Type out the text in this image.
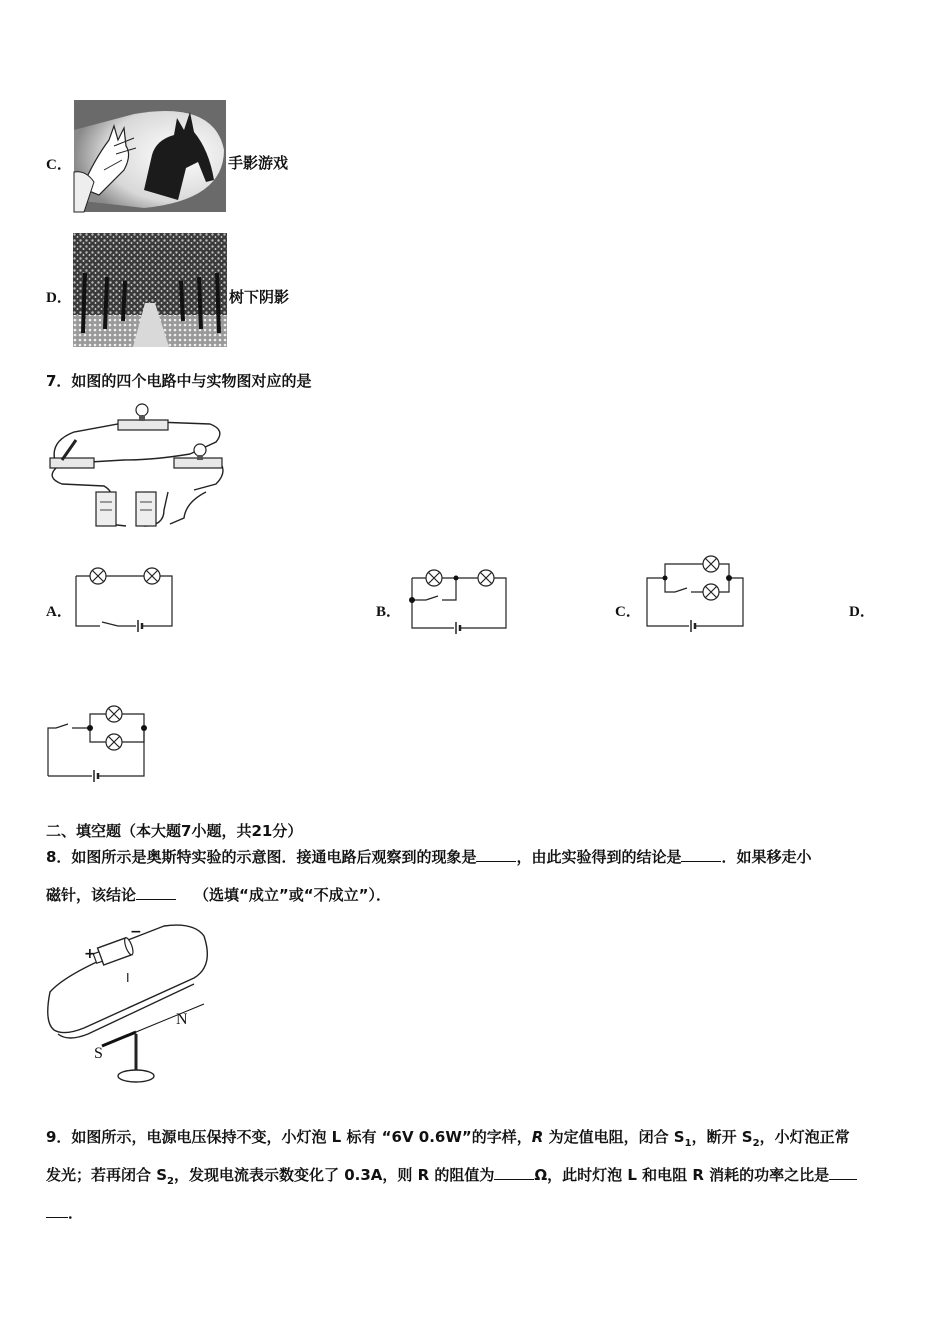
C．	手影游戏
D．	树下阴影
7．如图的四个电路中与实物图对应的是
A．	B．	C．	D．
二、填空题（本大题7小题，共21分）
8．如图所示是奥斯特实验的示意图．接通电路后观察到的现象是	，由此实验得到的结论是	．如果移走小
磁针，该结论	（选填“成立”或“不成立”）．
+
−
I
N
S
9．如图所示，电源电压保持不变，小灯泡 L 标有 “6V 0.6W”的字样，R 为定值电阻，闭合 $S_1$，断开 $S_2$，小灯泡正常
发光；若再闭合 $S_2$，发现电流表示数变化了 0.3A，则 R 的阻值为	Ω，此时灯泡 L 和电阻 R 消耗的功率之比是
．
